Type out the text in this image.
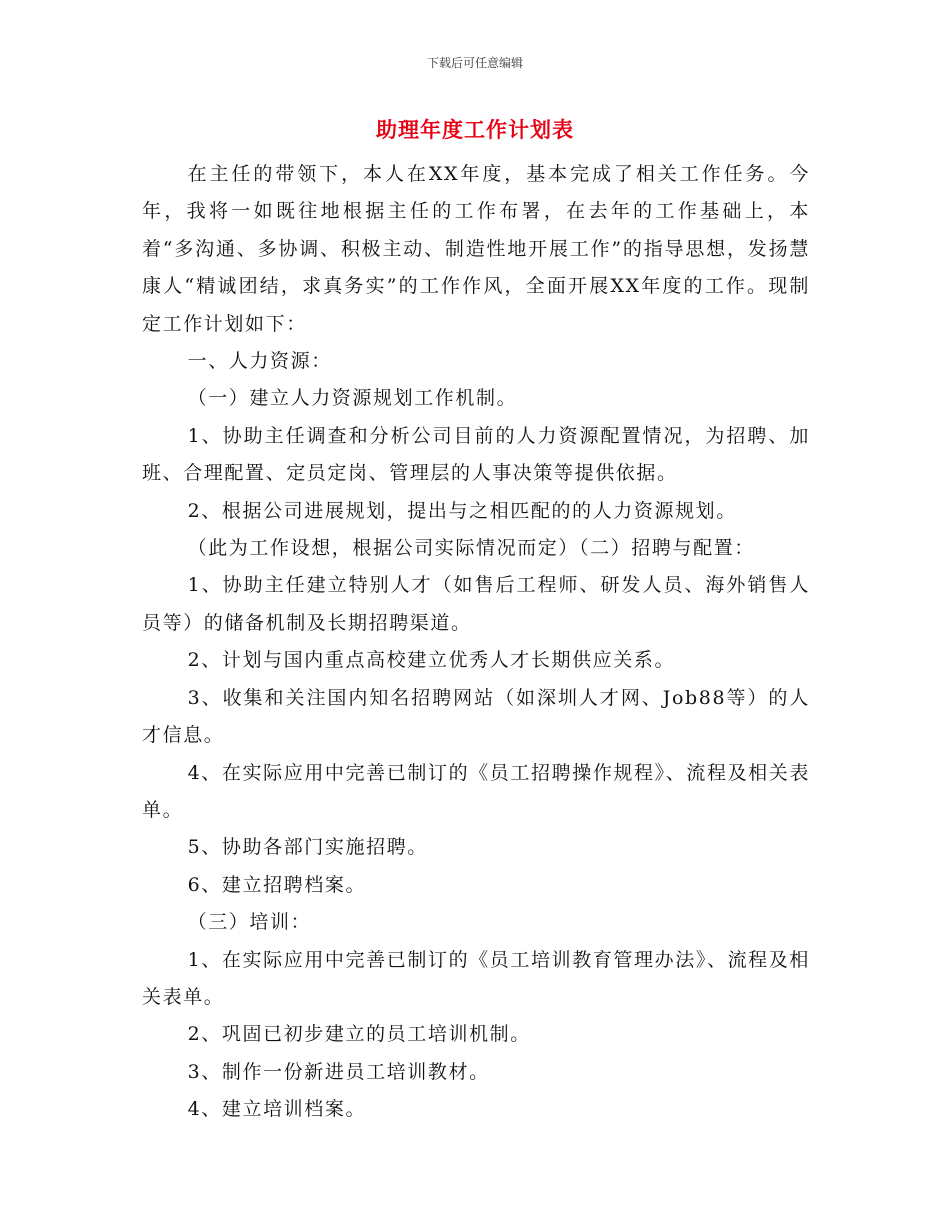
下载后可任意编辑
助理年度工作计划表

在主任的带领下，本人在XX年度，基本完成了相关工作任务。今年，我将一如既往地根据主任的工作布署，在去年的工作基础上，本着“多沟通、多协调、积极主动、制造性地开展工作”的指导思想，发扬慧康人“精诚团结，求真务实”的工作作风，全面开展XX年度的工作。现制定工作计划如下：

一、人力资源：

（一）建立人力资源规划工作机制。

1、协助主任调查和分析公司目前的人力资源配置情况，为招聘、加班、合理配置、定员定岗、管理层的人事决策等提供依据。

2、根据公司进展规划，提出与之相匹配的的人力资源规划。

（此为工作设想，根据公司实际情况而定）（二）招聘与配置：

1、协助主任建立特别人才（如售后工程师、研发人员、海外销售人员等）的储备机制及长期招聘渠道。

2、计划与国内重点高校建立优秀人才长期供应关系。

3、收集和关注国内知名招聘网站（如深圳人才网、Job88等）的人才信息。

4、在实际应用中完善已制订的《员工招聘操作规程》、流程及相关表单。

5、协助各部门实施招聘。

6、建立招聘档案。

（三）培训：

1、在实际应用中完善已制订的《员工培训教育管理办法》、流程及相关表单。

2、巩固已初步建立的员工培训机制。

3、制作一份新进员工培训教材。

4、建立培训档案。
